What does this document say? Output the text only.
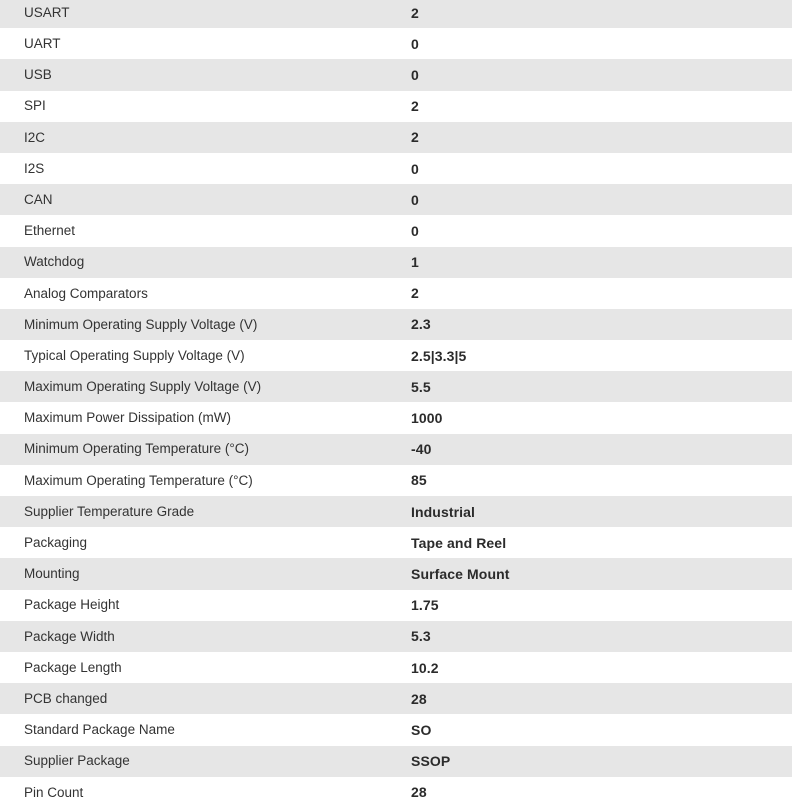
USART	2
UART	0
USB	0
SPI	2
I2C	2
I2S	0
CAN	0
Ethernet	0
Watchdog	1
Analog Comparators	2
Minimum Operating Supply Voltage (V)	2.3
Typical Operating Supply Voltage (V)	2.5|3.3|5
Maximum Operating Supply Voltage (V)	5.5
Maximum Power Dissipation (mW)	1000
Minimum Operating Temperature (°C)	-40
Maximum Operating Temperature (°C)	85
Supplier Temperature Grade	Industrial
Packaging	Tape and Reel
Mounting	Surface Mount
Package Height	1.75
Package Width	5.3
Package Length	10.2
PCB changed	28
Standard Package Name	SO
Supplier Package	SSOP
Pin Count	28
